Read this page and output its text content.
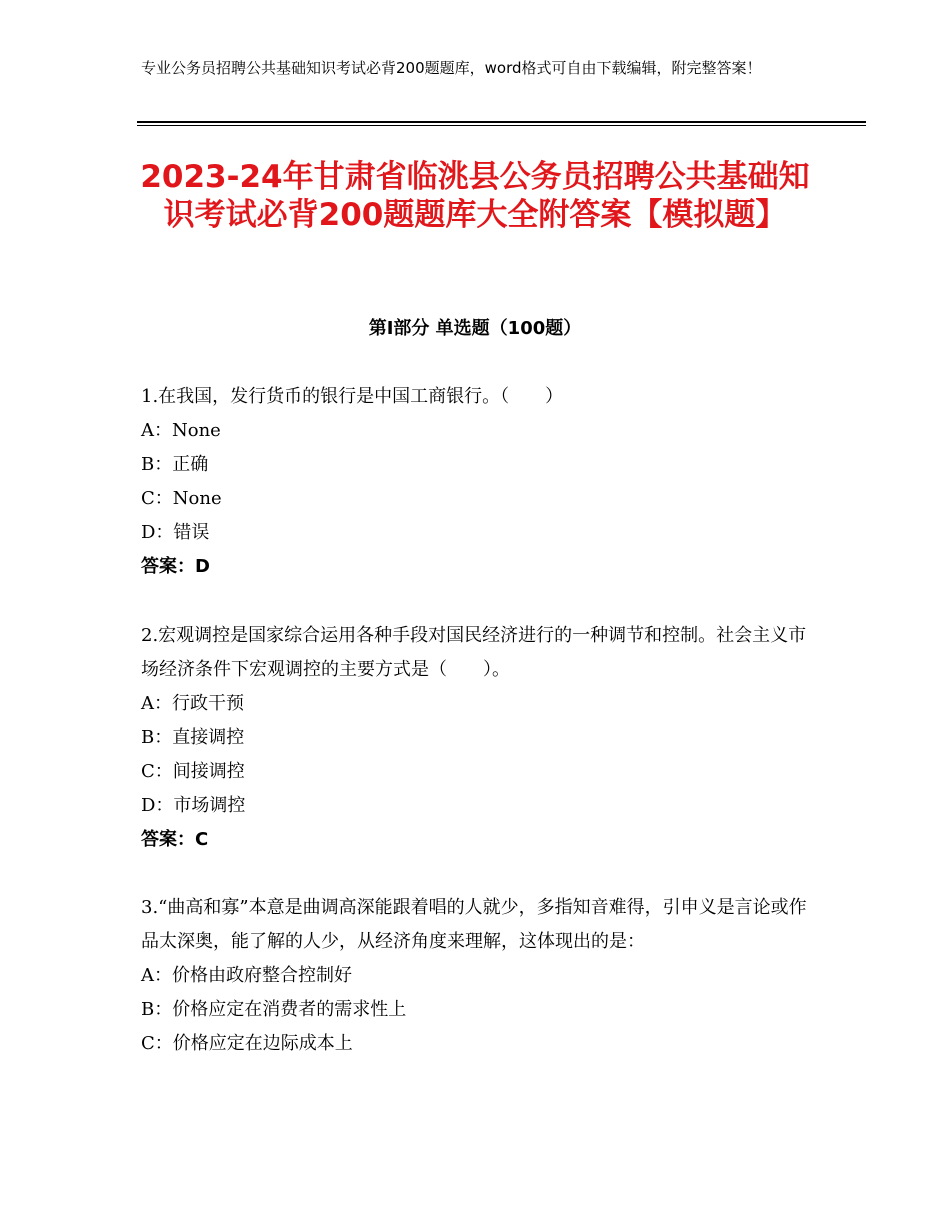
专业公务员招聘公共基础知识考试必背200题题库，word格式可自由下载编辑，附完整答案！
2023-24年甘肃省临洮县公务员招聘公共基础知识考试必背200题题库大全附答案【模拟题】
第Ⅰ部分 单选题（100题）
1.在我国，发行货币的银行是中国工商银行。（　　）
A：None
B：正确
C：None
D：错误
答案：D
2.宏观调控是国家综合运用各种手段对国民经济进行的一种调节和控制。社会主义市场经济条件下宏观调控的主要方式是（　　）。
A：行政干预
B：直接调控
C：间接调控
D：市场调控
答案：C
3.“曲高和寡”本意是曲调高深能跟着唱的人就少，多指知音难得，引申义是言论或作品太深奥，能了解的人少，从经济角度来理解，这体现出的是：
A：价格由政府整合控制好
B：价格应定在消费者的需求性上
C：价格应定在边际成本上
